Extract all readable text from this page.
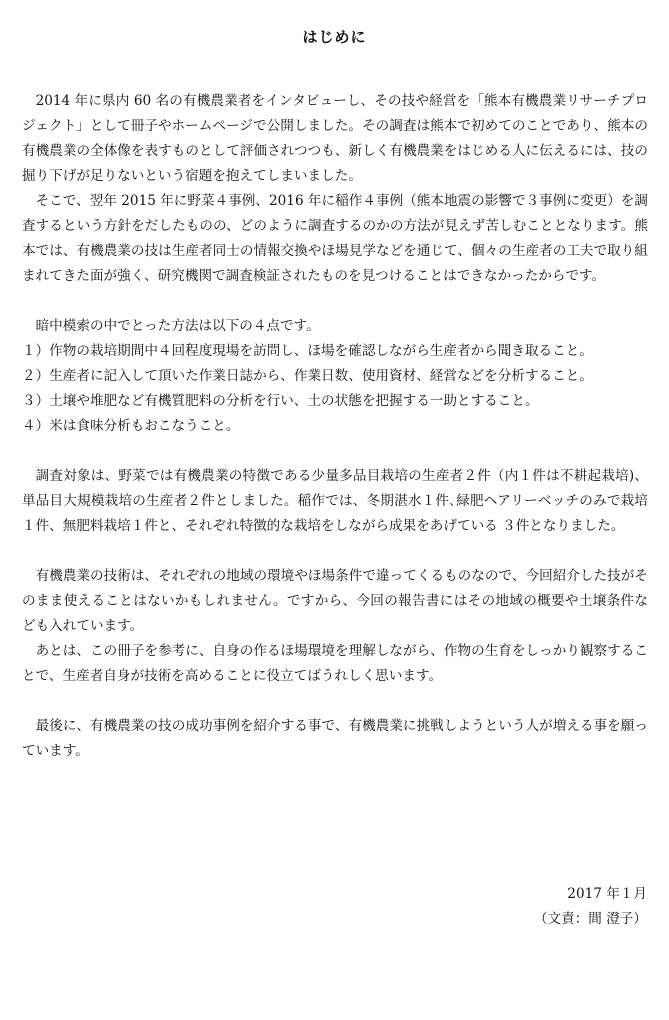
はじめに

2014 年に県内 60 名の有機農業者をインタビューし、その技や経営を「熊本有機農業リサーチプロジェクト」として冊子やホームページで公開しました。その調査は熊本で初めてのことであり、熊本の有機農業の全体像を表すものとして評価されつつも、新しく有機農業をはじめる人に伝えるには、技の掘り下げが足りないという宿題を抱えてしまいました。

そこで、翌年 2015 年に野菜４事例、2016 年に稲作４事例（熊本地震の影響で３事例に変更）を調査するという方針をだしたものの、どのように調査するのかの方法が見えず苦しむこととなります。熊本では、有機農業の技は生産者同士の情報交換やほ場見学などを通じて、個々の生産者の工夫で取り組まれてきた面が強く、研究機関で調査検証されたものを見つけることはできなかったからです。

暗中模索の中でとった方法は以下の４点です。

１）作物の栽培期間中４回程度現場を訪問し、ほ場を確認しながら生産者から聞き取ること。

２）生産者に記入して頂いた作業日誌から、作業日数、使用資材、経営などを分析すること。

３）土壌や堆肥など有機質肥料の分析を行い、土の状態を把握する一助とすること。

４）米は食味分析もおこなうこと。

調査対象は、野菜では有機農業の特徴である少量多品目栽培の生産者２件（内１件は不耕起栽培)、単品目大規模栽培の生産者２件としました。稲作では、冬期湛水１件､緑肥ヘアリーベッチのみで栽培１件、無肥料栽培１件と、それぞれ特徴的な栽培をしながら成果をあげている ３件となりました。

有機農業の技術は、それぞれの地域の環境やほ場条件で違ってくるものなので、今回紹介した技がそのまま使えることはないかもしれません。ですから、今回の報告書にはその地域の概要や土壌条件なども入れています。

あとは、この冊子を参考に、自身の作るほ場環境を理解しながら、作物の生育をしっかり観察することで、生産者自身が技術を高めることに役立てばうれしく思います。

最後に、有機農業の技の成功事例を紹介する事で、有機農業に挑戦しようという人が増える事を願っています。

2017 年１月
（文責：間 澄子）
